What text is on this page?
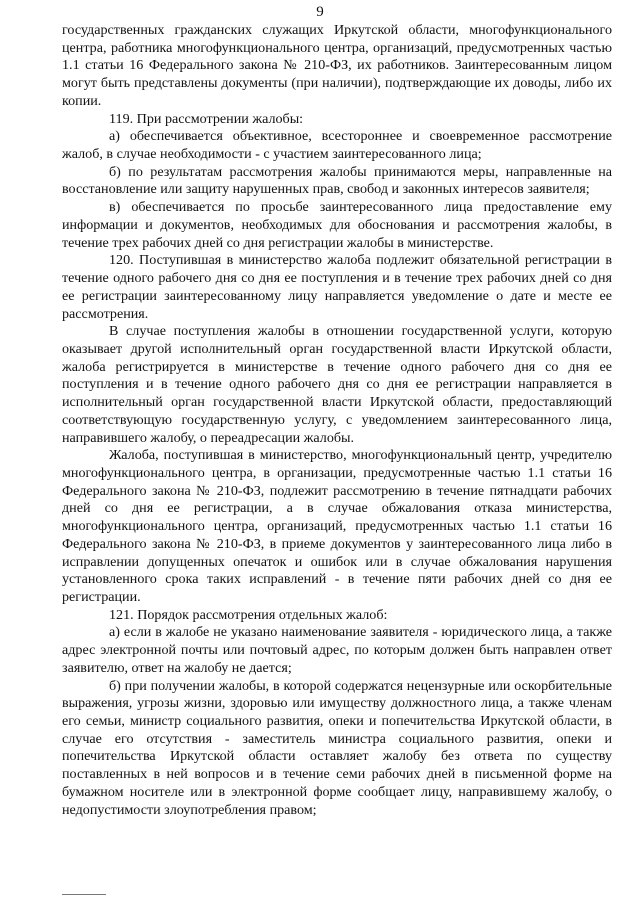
9

государственных гражданских служащих Иркутской области, многофункционального центра, работника многофункционального центра, организаций, предусмотренных частью 1.1 статьи 16 Федерального закона № 210-ФЗ, их работников. Заинтересованным лицом могут быть представлены документы (при наличии), подтверждающие их доводы, либо их копии.

119. При рассмотрении жалобы:

а) обеспечивается объективное, всестороннее и своевременное рассмотрение жалоб, в случае необходимости - с участием заинтересованного лица;

б) по результатам рассмотрения жалобы принимаются меры, направленные на восстановление или защиту нарушенных прав, свобод и законных интересов заявителя;

в) обеспечивается по просьбе заинтересованного лица предоставление ему информации и документов, необходимых для обоснования и рассмотрения жалобы, в течение трех рабочих дней со дня регистрации жалобы в министерстве.

120. Поступившая в министерство жалоба подлежит обязательной регистрации в течение одного рабочего дня со дня ее поступления и в течение трех рабочих дней со дня ее регистрации заинтересованному лицу направляется уведомление о дате и месте ее рассмотрения.

В случае поступления жалобы в отношении государственной услуги, которую оказывает другой исполнительный орган государственной власти Иркутской области, жалоба регистрируется в министерстве в течение одного рабочего дня со дня ее поступления и в течение одного рабочего дня со дня ее регистрации направляется в исполнительный орган государственной власти Иркутской области, предоставляющий соответствующую государственную услугу, с уведомлением заинтересованного лица, направившего жалобу, о переадресации жалобы.

Жалоба, поступившая в министерство, многофункциональный центр, учредителю многофункционального центра, в организации, предусмотренные частью 1.1 статьи 16 Федерального закона № 210-ФЗ, подлежит рассмотрению в течение пятнадцати рабочих дней со дня ее регистрации, а в случае обжалования отказа министерства, многофункционального центра, организаций, предусмотренных частью 1.1 статьи 16 Федерального закона № 210-ФЗ, в приеме документов у заинтересованного лица либо в исправлении допущенных опечаток и ошибок или в случае обжалования нарушения установленного срока таких исправлений - в течение пяти рабочих дней со дня ее регистрации.

121. Порядок рассмотрения отдельных жалоб:

а) если в жалобе не указано наименование заявителя - юридического лица, а также адрес электронной почты или почтовый адрес, по которым должен быть направлен ответ заявителю, ответ на жалобу не дается;

б) при получении жалобы, в которой содержатся нецензурные или оскорбительные выражения, угрозы жизни, здоровью или имуществу должностного лица, а также членам его семьи, министр социального развития, опеки и попечительства Иркутской области, в случае его отсутствия - заместитель министра социального развития, опеки и попечительства Иркутской области оставляет жалобу без ответа по существу поставленных в ней вопросов и в течение семи рабочих дней в письменной форме на бумажном носителе или в электронной форме сообщает лицу, направившему жалобу, о недопустимости злоупотребления правом;
